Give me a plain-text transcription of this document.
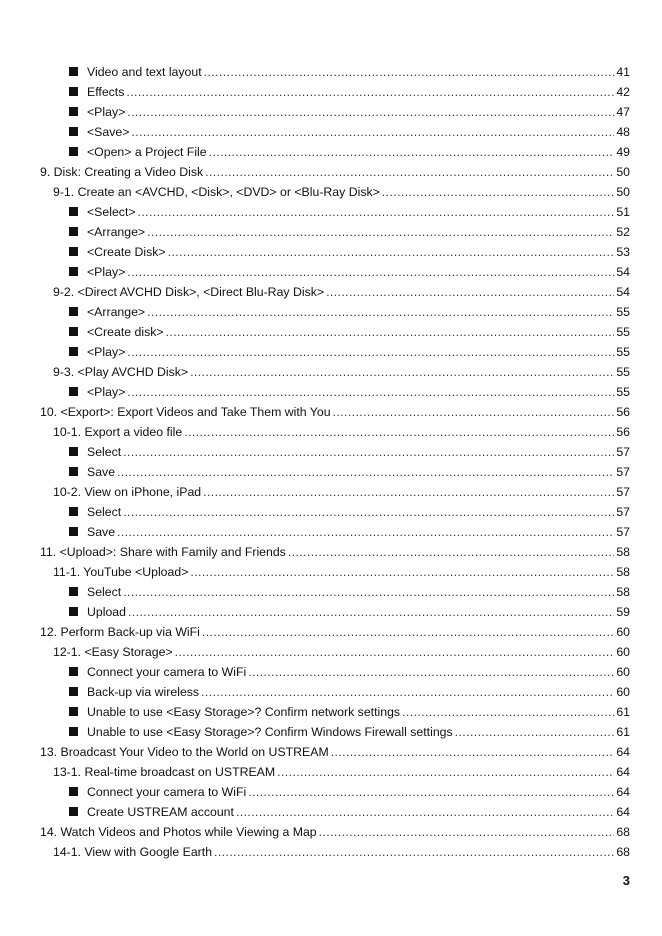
Video and text layout .....	41
Effects .....	42
<Play> .....	47
<Save> .....	48
<Open> a Project File .....	49
9. Disk: Creating a Video Disk .....	50
9-1. Create an <AVCHD, <Disk>, <DVD> or <Blu-Ray Disk> .....	50
<Select> .....	51
<Arrange> .....	52
<Create Disk> .....	53
<Play> .....	54
9-2. <Direct AVCHD Disk>, <Direct Blu-Ray Disk> .....	54
<Arrange> .....	55
<Create disk> .....	55
<Play> .....	55
9-3. <Play AVCHD Disk> .....	55
<Play> .....	55
10. <Export>: Export Videos and Take Them with You .....	56
10-1. Export a video file .....	56
Select .....	57
Save .....	57
10-2. View on iPhone, iPad .....	57
Select .....	57
Save .....	57
11. <Upload>: Share with Family and Friends .....	58
11-1. YouTube <Upload> .....	58
Select .....	58
Upload .....	59
12. Perform Back-up via WiFi .....	60
12-1. <Easy Storage> .....	60
Connect your camera to WiFi .....	60
Back-up via wireless .....	60
Unable to use <Easy Storage>? Confirm network settings .....	61
Unable to use <Easy Storage>? Confirm Windows Firewall settings .....	61
13. Broadcast Your Video to the World on USTREAM .....	64
13-1. Real-time broadcast on USTREAM .....	64
Connect your camera to WiFi .....	64
Create USTREAM account .....	64
14. Watch Videos and Photos while Viewing a Map .....	68
14-1. View with Google Earth .....	68
3
